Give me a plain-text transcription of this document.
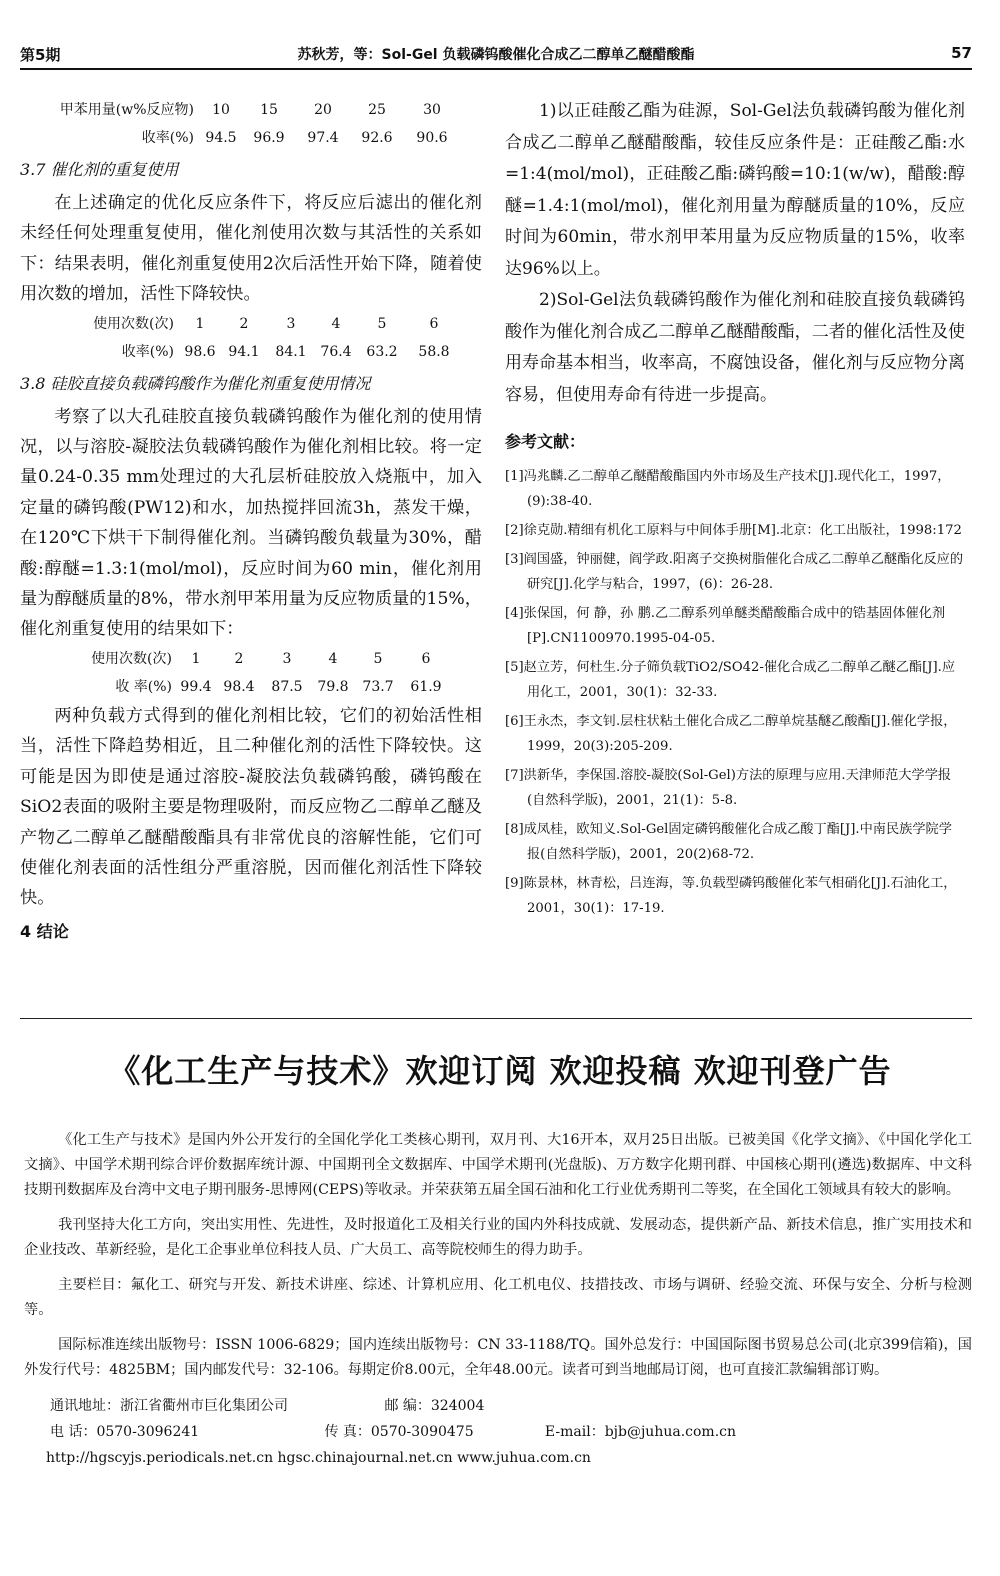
第5期	苏秋芳，等：Sol-Gel 负载磷钨酸催化合成乙二醇单乙醚醋酸酯	57
甲苯用量(w%反应物)	10	15	20	25	30
收率(%) 94.5	96.9	97.4	92.6	90.6
3.7 催化剂的重复使用

在上述确定的优化反应条件下，将反应后滤出的催化剂未经任何处理重复使用，催化剂使用次数与其活性的关系如下：结果表明，催化剂重复使用2次后活性开始下降，随着使用次数的增加，活性下降较快。

使用次数(次)	1	2	3	4	5	6
收率(%) 98.6 94.1	84.1 76.4	63.2	58.8
3.8 硅胶直接负载磷钨酸作为催化剂重复使用情况

考察了以大孔硅胶直接负载磷钨酸作为催化剂的使用情况，以与溶胶-凝胶法负载磷钨酸作为催化剂相比较。将一定量0.24-0.35 mm处理过的大孔层析硅胶放入烧瓶中，加入定量的磷钨酸(PW12)和水，加热搅拌回流3h，蒸发干燥，在120℃下烘干下制得催化剂。当磷钨酸负载量为30%，醋酸:醇醚=1.3:1(mol/mol)，反应时间为60 min，催化剂用量为醇醚质量的8%，带水剂甲苯用量为反应物质量的15%，催化剂重复使用的结果如下：

使用次数(次)	1	2	3	4	5	6
收 率(%) 99.4 98.4	87.5	79.8 73.7	61.9

两种负载方式得到的催化剂相比较，它们的初始活性相当，活性下降趋势相近，且二种催化剂的活性下降较快。这可能是因为即使是通过溶胶-凝胶法负载磷钨酸，磷钨酸在SiO2表面的吸附主要是物理吸附，而反应物乙二醇单乙醚及产物乙二醇单乙醚醋酸酯具有非常优良的溶解性能，它们可使催化剂表面的活性组分严重溶脱，因而催化剂活性下降较快。

4 结论

1)以正硅酸乙酯为硅源，Sol-Gel法负载磷钨酸为催化剂合成乙二醇单乙醚醋酸酯，较佳反应条件是：正硅酸乙酯:水=1:4(mol/mol)，正硅酸乙酯:磷钨酸=10:1(w/w)，醋酸:醇醚=1.4:1(mol/mol)，催化剂用量为醇醚质量的10%，反应时间为60min，带水剂甲苯用量为反应物质量的15%，收率达96%以上。

2)Sol-Gel法负载磷钨酸作为催化剂和硅胶直接负载磷钨酸作为催化剂合成乙二醇单乙醚醋酸酯，二者的催化活性及使用寿命基本相当，收率高，不腐蚀设备，催化剂与反应物分离容易，但使用寿命有待进一步提高。

参考文献：

[1]冯兆麟.乙二醇单乙醚醋酸酯国内外市场及生产技术[J].现代化工，1997，(9):38-40.

[2]徐克勋.精细有机化工原料与中间体手册[M].北京：化工出版社，1998:172

[3]阎国盛，钟丽健，阎学政.阳离子交换树脂催化合成乙二醇单乙醚酯化反应的研究[J].化学与粘合，1997，(6)：26-28.

[4]张保国，何 静，孙 鹏.乙二醇系列单醚类醋酸酯合成中的锆基固体催化剂[P].CN1100970.1995-04-05.

[5]赵立芳，何杜生.分子筛负载TiO2/SO42-催化合成乙二醇单乙醚乙酯[J].应用化工，2001，30(1)：32-33.

[6]王永杰，李文钊.层柱状粘土催化合成乙二醇单烷基醚乙酸酯[J].催化学报，1999，20(3):205-209.

[7]洪新华，李保国.溶胶-凝胶(Sol-Gel)方法的原理与应用.天津师范大学学报(自然科学版)，2001，21(1)：5-8.

[8]成凤桂，欧知义.Sol-Gel固定磷钨酸催化合成乙酸丁酯[J].中南民族学院学报(自然科学版)，2001，20(2)68-72.

[9]陈景林，林青松，吕连海，等.负载型磷钨酸催化苯气相硝化[J].石油化工，2001，30(1)：17-19.

《化工生产与技术》欢迎订阅 欢迎投稿 欢迎刊登广告

《化工生产与技术》是国内外公开发行的全国化学化工类核心期刊，双月刊、大16开本，双月25日出版。已被美国《化学文摘》、《中国化学化工文摘》、中国学术期刊综合评价数据库统计源、中国期刊全文数据库、中国学术期刊(光盘版)、万方数字化期刊群、中国核心期刊(遴选)数据库、中文科技期刊数据库及台湾中文电子期刊服务-思博网(CEPS)等收录。并荣获第五届全国石油和化工行业优秀期刊二等奖，在全国化工领域具有较大的影响。

我刊坚持大化工方向，突出实用性、先进性，及时报道化工及相关行业的国内外科技成就、发展动态，提供新产品、新技术信息，推广实用技术和企业技改、革新经验，是化工企事业单位科技人员、广大员工、高等院校师生的得力助手。

主要栏目：氟化工、研究与开发、新技术讲座、综述、计算机应用、化工机电仪、技措技改、市场与调研、经验交流、环保与安全、分析与检测等。

国际标准连续出版物号：ISSN 1006-6829；国内连续出版物号：CN 33-1188/TQ。国外总发行：中国国际图书贸易总公司(北京399信箱)，国外发行代号：4825BM；国内邮发代号：32-106。每期定价8.00元，全年48.00元。读者可到当地邮局订阅，也可直接汇款编辑部订购。

通讯地址：浙江省衢州市巨化集团公司	邮 编：324004
电 话：0570-3096241	传 真：0570-3090475	E-mail：bjb@juhua.com.cn
http://hgscyjs.periodicals.net.cn hgsc.chinajournal.net.cn www.juhua.com.cn
